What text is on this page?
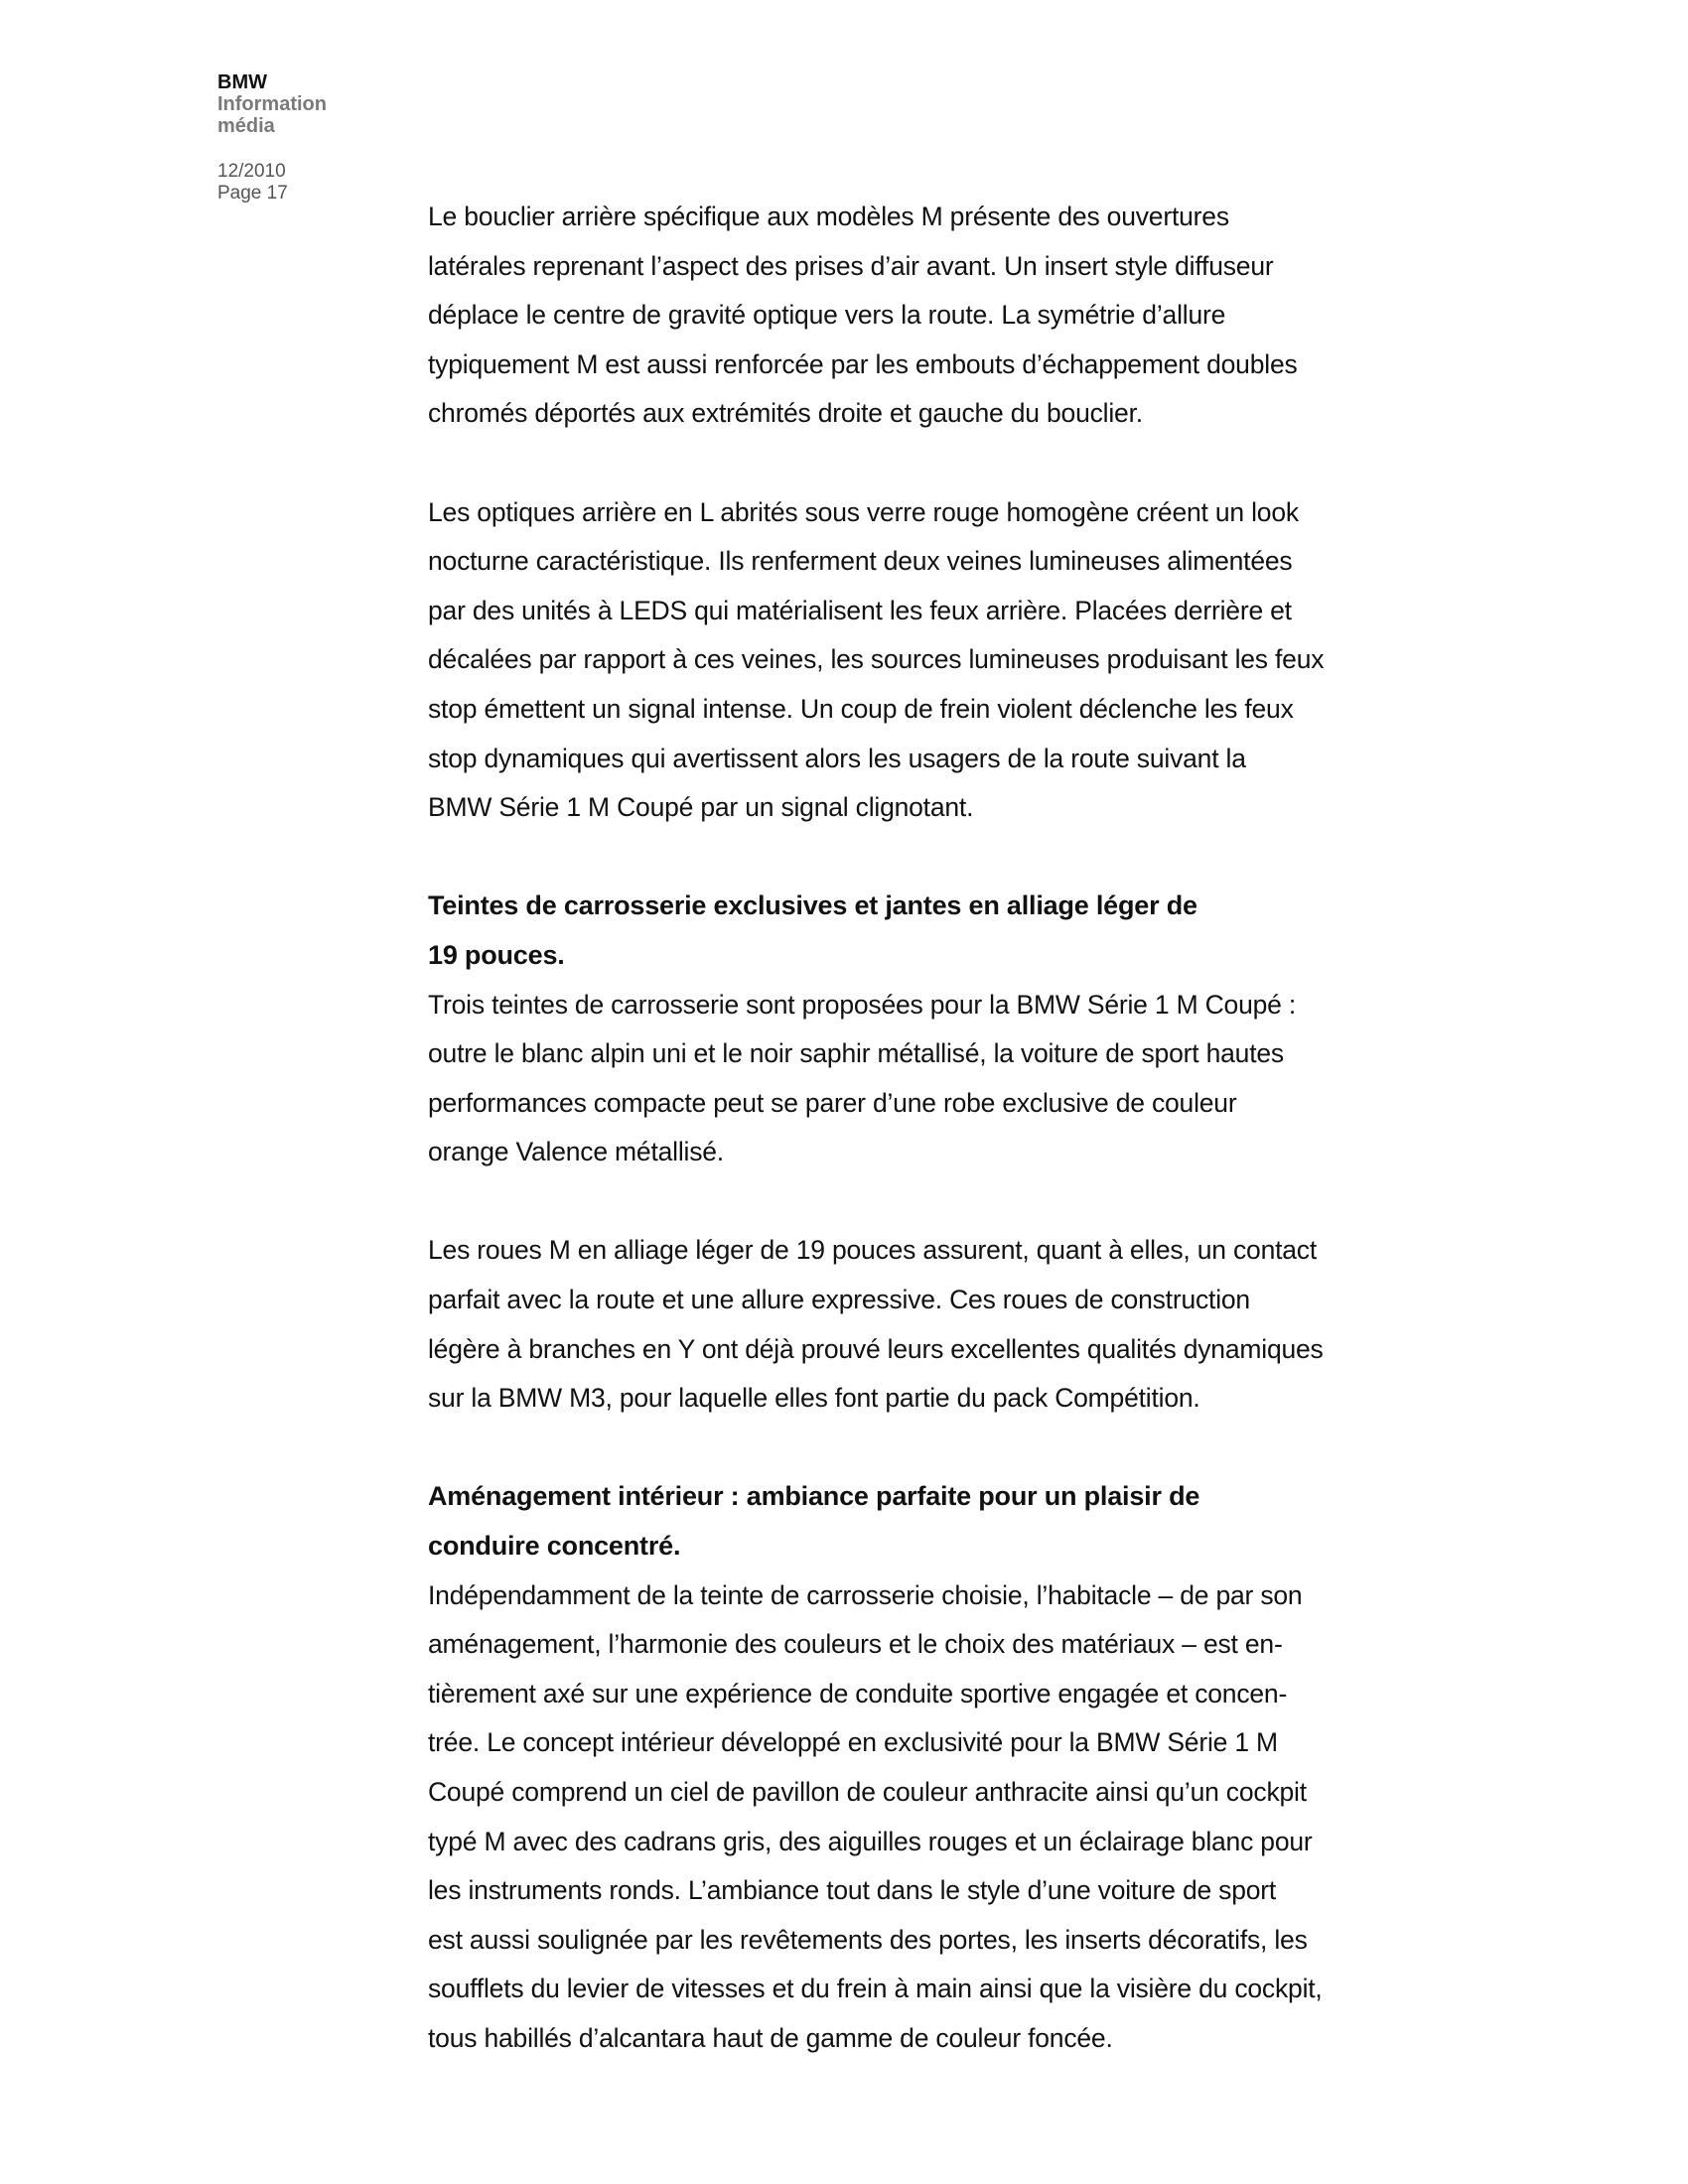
BMW
Information
média
12/2010
Page 17

Le bouclier arrière spécifique aux modèles M présente des ouvertures

latérales reprenant l’aspect des prises d’air avant. Un insert style diffuseur

déplace le centre de gravité optique vers la route. La symétrie d’allure

typiquement M est aussi renforcée par les embouts d’échappement doubles

chromés déportés aux extrémités droite et gauche du bouclier.

Les optiques arrière en L abrités sous verre rouge homogène créent un look

nocturne caractéristique. Ils renferment deux veines lumineuses alimentées

par des unités à LEDS qui matérialisent les feux arrière. Placées derrière et

décalées par rapport à ces veines, les sources lumineuses produisant les feux

stop émettent un signal intense. Un coup de frein violent déclenche les feux

stop dynamiques qui avertissent alors les usagers de la route suivant la

BMW Série 1 M Coupé par un signal clignotant.

Teintes de carrosserie exclusives et jantes en alliage léger de
19 pouces.

Trois teintes de carrosserie sont proposées pour la BMW Série 1 M Coupé :

outre le blanc alpin uni et le noir saphir métallisé, la voiture de sport hautes

performances compacte peut se parer d’une robe exclusive de couleur

orange Valence métallisé.

Les roues M en alliage léger de 19 pouces assurent, quant à elles, un contact

parfait avec la route et une allure expressive. Ces roues de construction

légère à branches en Y ont déjà prouvé leurs excellentes qualités dynamiques

sur la BMW M3, pour laquelle elles font partie du pack Compétition.

Aménagement intérieur : ambiance parfaite pour un plaisir de
conduire concentré.

Indépendamment de la teinte de carrosserie choisie, l’habitacle – de par son

aménagement, l’harmonie des couleurs et le choix des matériaux – est en-

tièrement axé sur une expérience de conduite sportive engagée et concen-

trée. Le concept intérieur développé en exclusivité pour la BMW Série 1 M

Coupé comprend un ciel de pavillon de couleur anthracite ainsi qu’un cockpit

typé M avec des cadrans gris, des aiguilles rouges et un éclairage blanc pour

les instruments ronds. L’ambiance tout dans le style d’une voiture de sport

est aussi soulignée par les revêtements des portes, les inserts décoratifs, les

soufflets du levier de vitesses et du frein à main ainsi que la visière du cockpit,

tous habillés d’alcantara haut de gamme de couleur foncée.
